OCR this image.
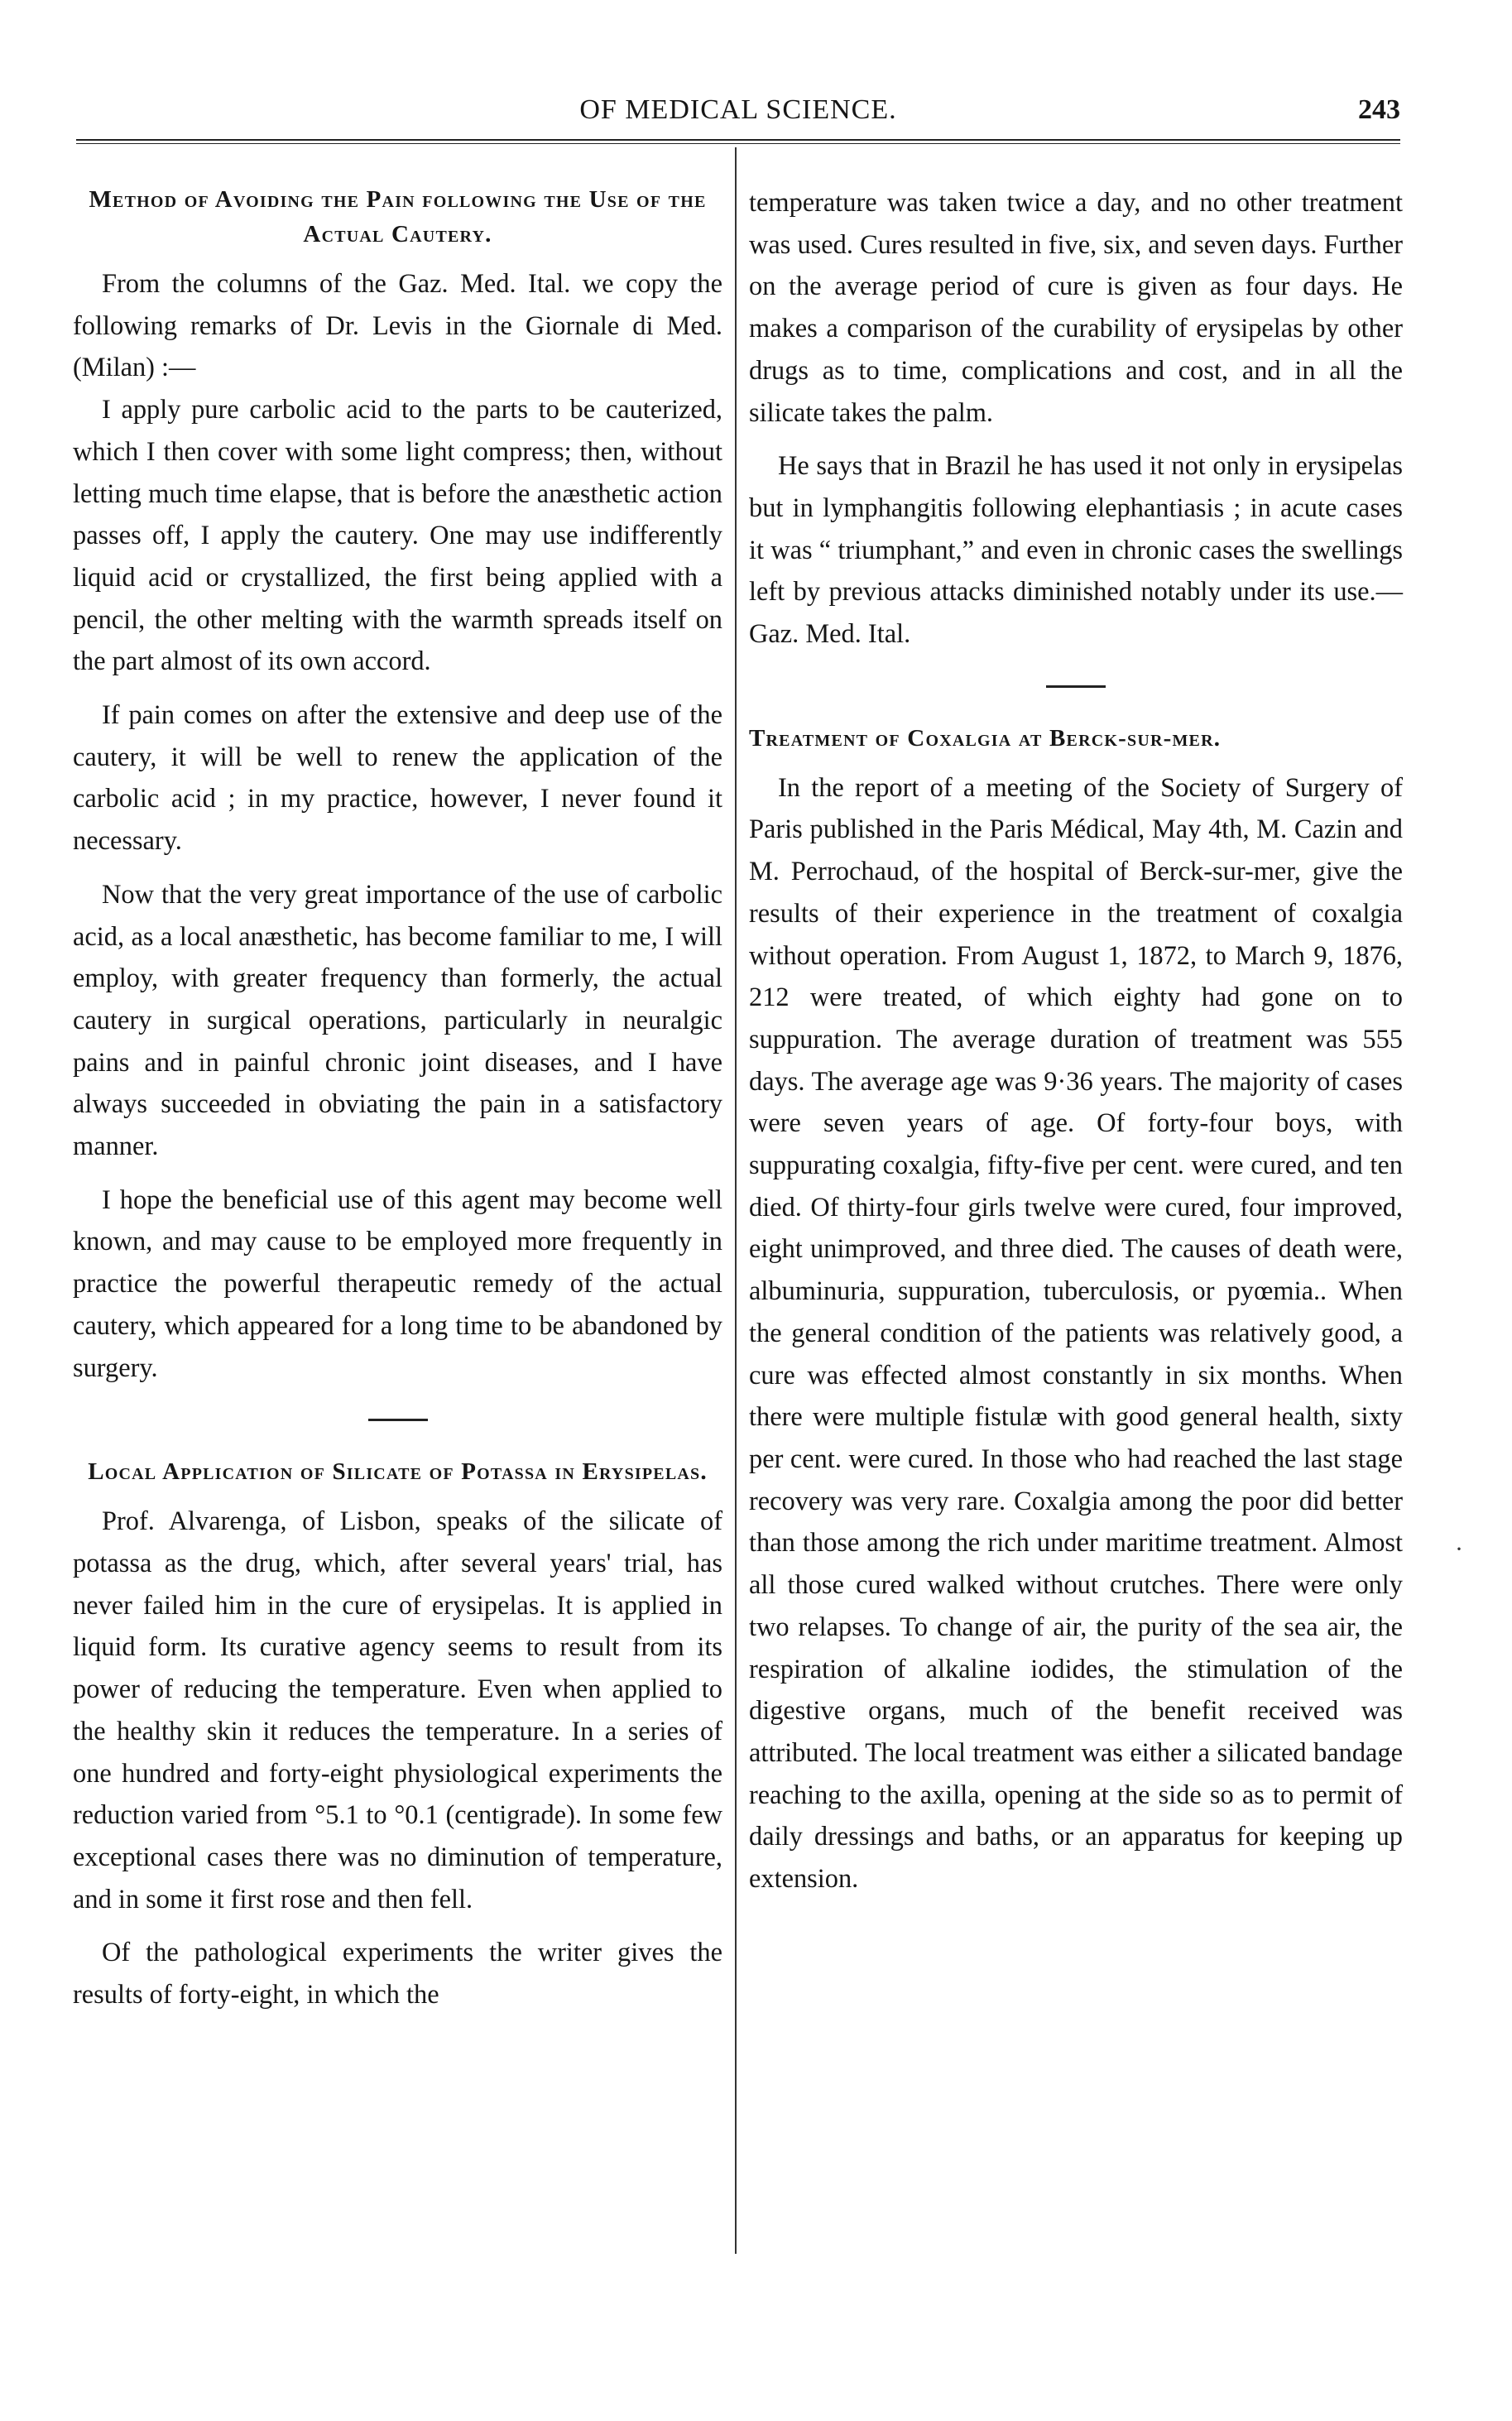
OF MEDICAL SCIENCE.	243
Method of Avoiding the Pain following the Use of the Actual Cautery.

From the columns of the Gaz. Med. Ital. we copy the following remarks of Dr. Levis in the Giornale di Med. (Milan) :—

I apply pure carbolic acid to the parts to be cauterized, which I then cover with some light compress; then, without letting much time elapse, that is before the anæsthetic action passes off, I apply the cautery. One may use indifferently liquid acid or crystallized, the first being applied with a pencil, the other melting with the warmth spreads itself on the part almost of its own accord.

If pain comes on after the extensive and deep use of the cautery, it will be well to renew the application of the carbolic acid ; in my practice, however, I never found it necessary.

Now that the very great importance of the use of carbolic acid, as a local anæsthetic, has become familiar to me, I will employ, with greater frequency than formerly, the actual cautery in surgical operations, particularly in neuralgic pains and in painful chronic joint diseases, and I have always succeeded in obviating the pain in a satisfactory manner.

I hope the beneficial use of this agent may become well known, and may cause to be employed more frequently in practice the powerful therapeutic remedy of the actual cautery, which appeared for a long time to be abandoned by surgery.

Local Application of Silicate of Potassa in Erysipelas.

Prof. Alvarenga, of Lisbon, speaks of the silicate of potassa as the drug, which, after several years' trial, has never failed him in the cure of erysipelas. It is applied in liquid form. Its curative agency seems to result from its power of reducing the temperature. Even when applied to the healthy skin it reduces the temperature. In a series of one hundred and forty-eight physiological experiments the reduction varied from °5.1 to °0.1 (centigrade). In some few exceptional cases there was no diminution of temperature, and in some it first rose and then fell.

Of the pathological experiments the writer gives the results of forty-eight, in which the

temperature was taken twice a day, and no other treatment was used. Cures resulted in five, six, and seven days. Further on the average period of cure is given as four days. He makes a comparison of the curability of erysipelas by other drugs as to time, complications and cost, and in all the silicate takes the palm.

He says that in Brazil he has used it not only in erysipelas but in lymphangitis following elephantiasis ; in acute cases it was “ triumphant,” and even in chronic cases the swellings left by previous attacks diminished notably under its use.—Gaz. Med. Ital.

Treatment of Coxalgia at Berck-sur-mer.

In the report of a meeting of the Society of Surgery of Paris published in the Paris Médical, May 4th, M. Cazin and M. Perrochaud, of the hospital of Berck-sur-mer, give the results of their experience in the treatment of coxalgia without operation. From August 1, 1872, to March 9, 1876, 212 were treated, of which eighty had gone on to suppuration. The average duration of treatment was 555 days. The average age was 9·36 years. The majority of cases were seven years of age. Of forty-four boys, with suppurating coxalgia, fifty-five per cent. were cured, and ten died. Of thirty-four girls twelve were cured, four improved, eight unimproved, and three died. The causes of death were, albuminuria, suppuration, tuberculosis, or pyœmia.. When the general condition of the patients was relatively good, a cure was effected almost constantly in six months. When there were multiple fistulæ with good general health, sixty per cent. were cured. In those who had reached the last stage recovery was very rare. Coxalgia among the poor did better than those among the rich under maritime treatment. Almost all those cured walked without crutches. There were only two relapses. To change of air, the purity of the sea air, the respiration of alkaline iodides, the stimulation of the digestive organs, much of the benefit received was attributed. The local treatment was either a silicated bandage reaching to the axilla, opening at the side so as to permit of daily dressings and baths, or an apparatus for keeping up extension.

·
